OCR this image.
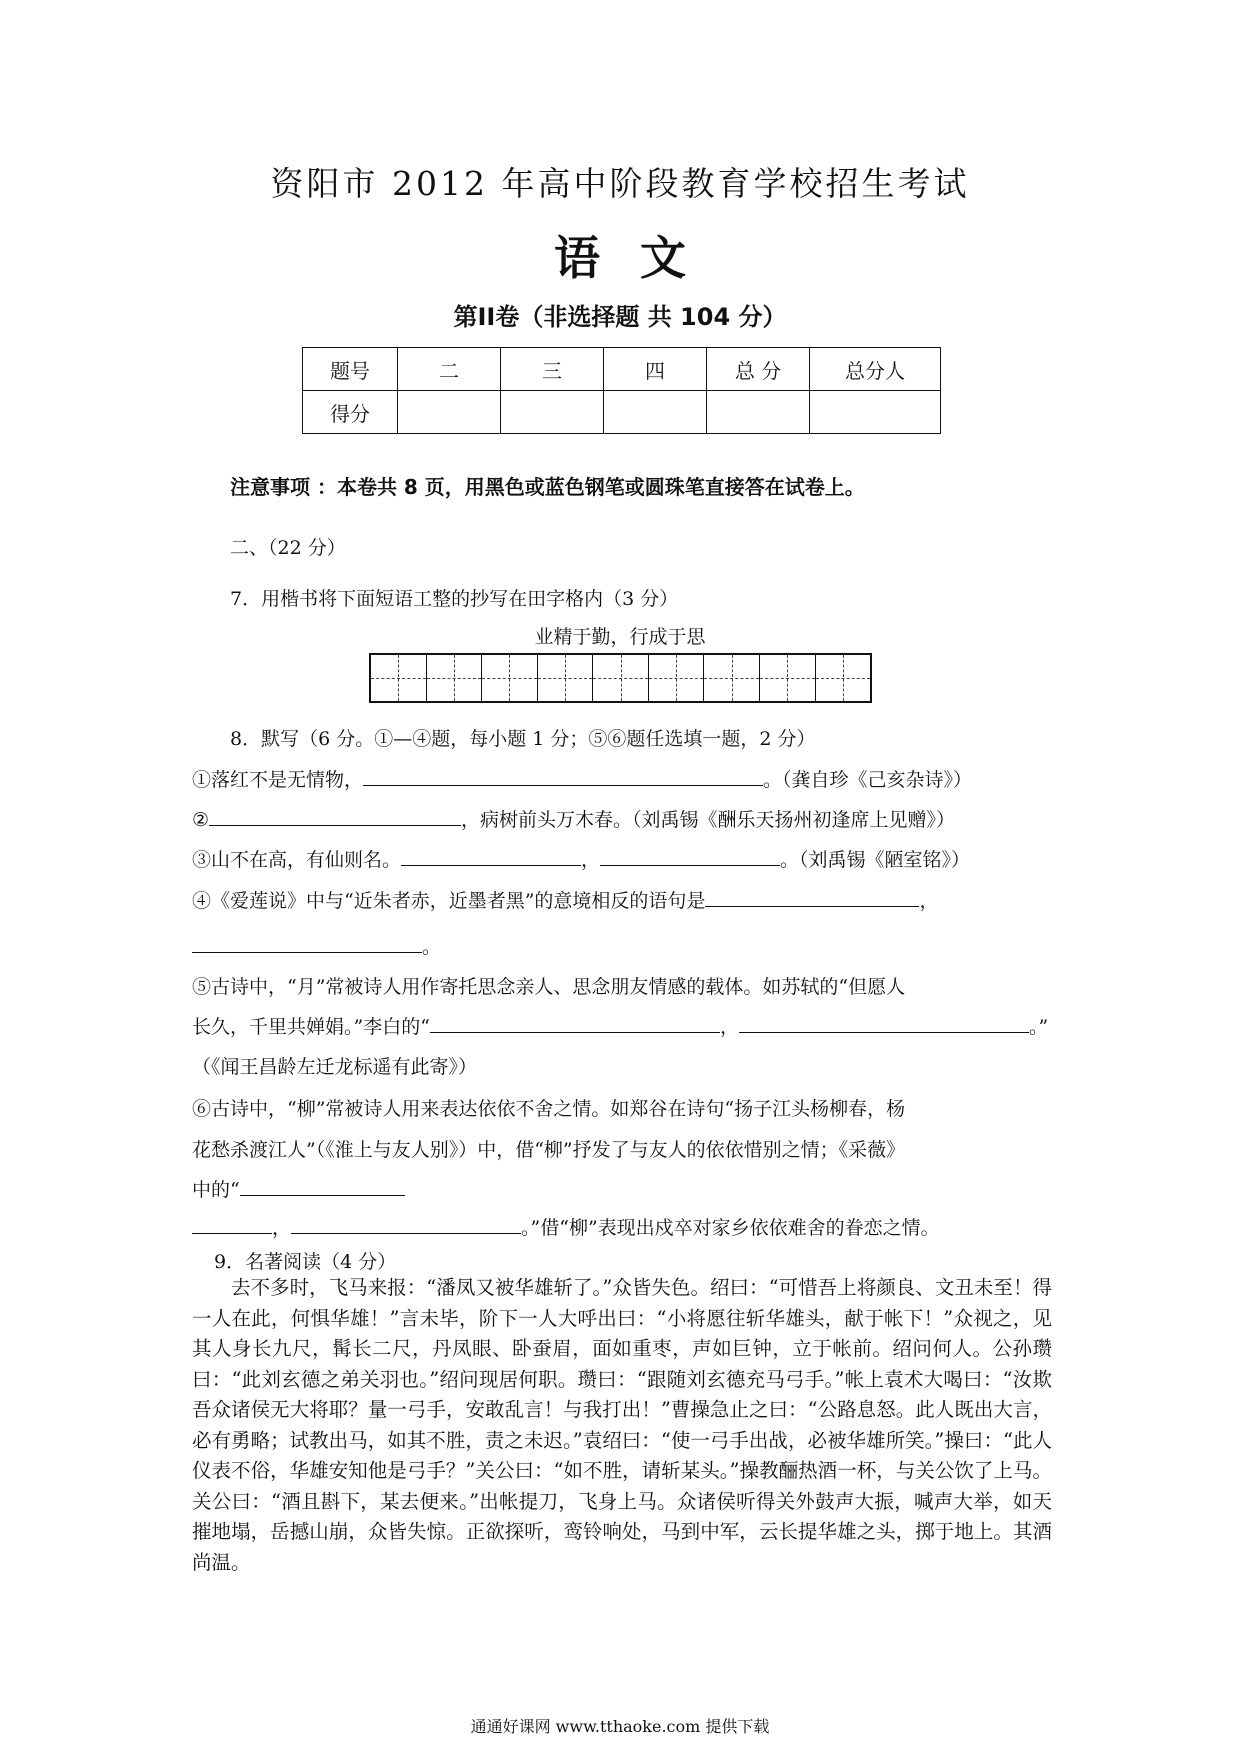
资阳市 2012 年高中阶段教育学校招生考试
语文
第II卷（非选择题 共 104 分）
题号	二	三	四	总 分	总分人
得分					
注意事项 ：本卷共 8 页，用黑色或蓝色钢笔或圆珠笔直接答在试卷上。
二、（22 分）
7．用楷书将下面短语工整的抄写在田字格内（3 分）
业精于勤，行成于思
8．默写（6 分。①—④题，每小题 1 分；⑤⑥题任选填一题，2 分）
①落红不是无情物，	。（龚自珍《己亥杂诗》）
②	，病树前头万木春。（刘禹锡《酬乐天扬州初逢席上见赠》）
③山不在高，有仙则名。	，	。（刘禹锡《陋室铭》）
④《爱莲说》中与“近朱者赤，近墨者黑”的意境相反的语句是	，
。
⑤古诗中，“月”常被诗人用作寄托思念亲人、思念朋友情感的载体。如苏轼的“但愿人
长久，千里共婵娟。”李白的“	，	。”
（《闻王昌龄左迁龙标遥有此寄》）
⑥古诗中，“柳”常被诗人用来表达依依不舍之情。如郑谷在诗句“扬子江头杨柳春，杨
花愁杀渡江人”（《淮上与友人别》）中，借“柳”抒发了与友人的依依惜别之情；《采薇》
中的“
，	。”借“柳”表现出戍卒对家乡依依难舍的眷恋之情。
9．名著阅读（4 分）
去不多时，飞马来报：“潘凤又被华雄斩了。”众皆失色。绍曰：“可惜吾上将颜良、文丑未至！得一人在此，何惧华雄！”言未毕，阶下一人大呼出曰：“小将愿往斩华雄头，献于帐下！”众视之，见其人身长九尺，髯长二尺，丹凤眼、卧蚕眉，面如重枣，声如巨钟，立于帐前。绍问何人。公孙瓒曰：“此刘玄德之弟关羽也。”绍问现居何职。瓒曰：“跟随刘玄德充马弓手。”帐上袁术大喝曰：“汝欺吾众诸侯无大将耶？量一弓手，安敢乱言！与我打出！”曹操急止之曰：“公路息怒。此人既出大言，必有勇略；试教出马，如其不胜，责之未迟。”袁绍曰：“使一弓手出战，必被华雄所笑。”操曰：“此人仪表不俗，华雄安知他是弓手？”关公曰：“如不胜，请斩某头。”操教酾热酒一杯，与关公饮了上马。关公曰：“酒且斟下，某去便来。”出帐提刀，飞身上马。众诸侯听得关外鼓声大振，喊声大举，如天摧地塌，岳撼山崩，众皆失惊。正欲探听，鸾铃响处，马到中军，云长提华雄之头，掷于地上。其酒尚温。
通通好课网 www.tthaoke.com 提供下载
